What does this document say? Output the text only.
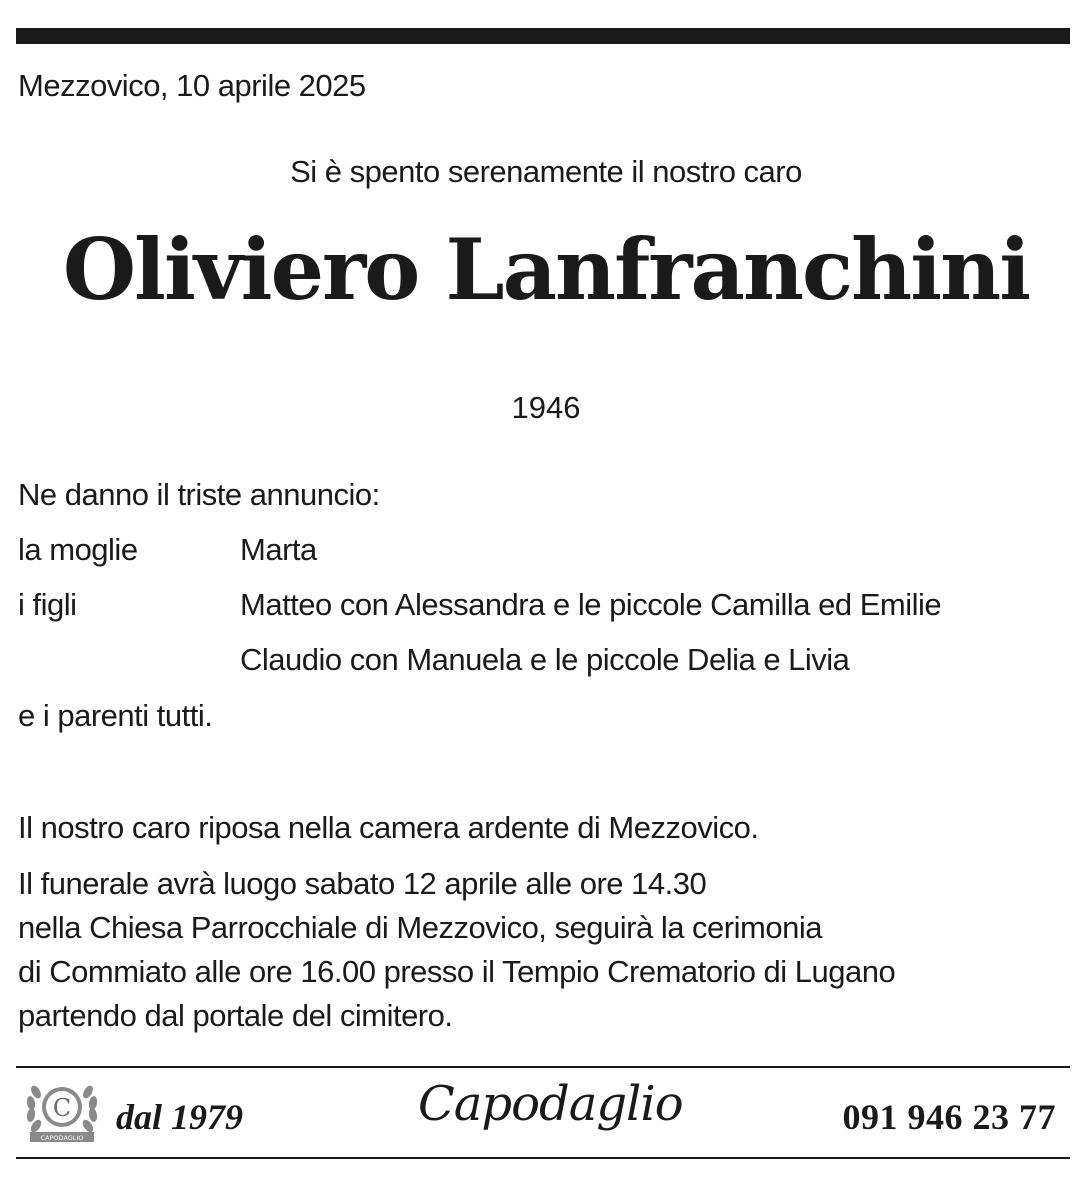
Mezzovico, 10 aprile 2025
Si è spento serenamente il nostro caro
Oliviero Lanfranchini
1946
Ne danno il triste annuncio:
la moglie	Marta
i figli	Matteo con Alessandra e le piccole Camilla ed Emilie
Claudio con Manuela e le piccole Delia e Livia
e i parenti tutti.
Il nostro caro riposa nella camera ardente di Mezzovico.
Il funerale avrà luogo sabato 12 aprile alle ore 14.30
nella Chiesa Parrocchiale di Mezzovico, seguirà la cerimonia
di Commiato alle ore 16.00 presso il Tempio Crematorio di Lugano
partendo dal portale del cimitero.
C
CAPODAGLIO
dal 1979	Capodaglio	091 946 23 77
